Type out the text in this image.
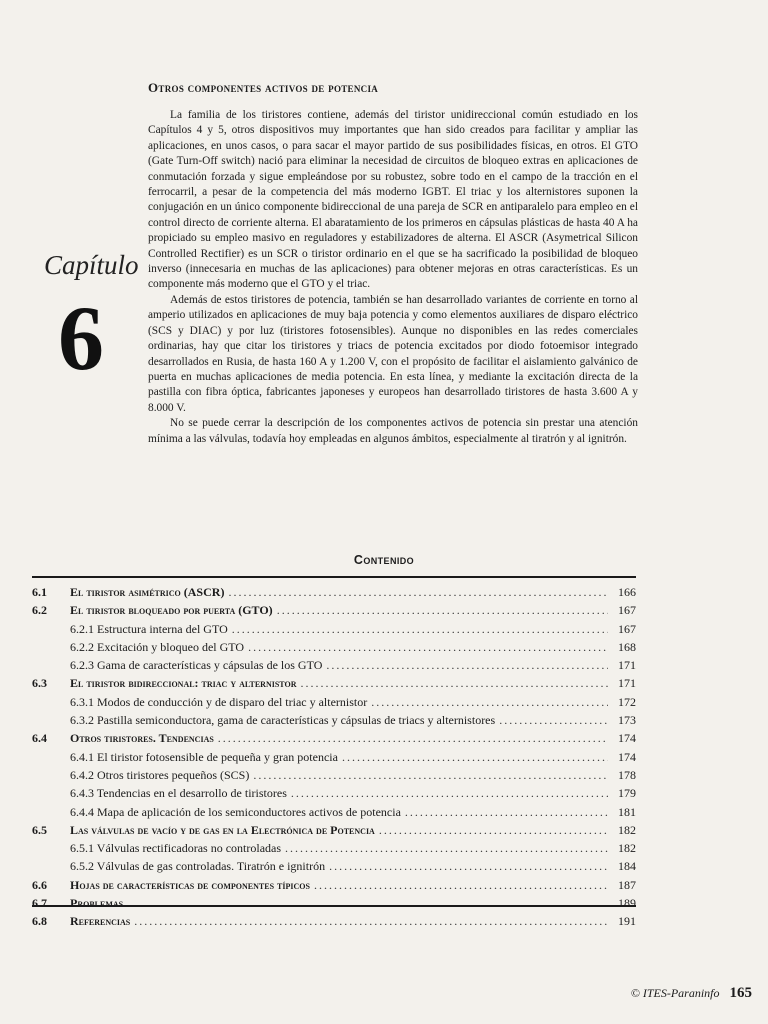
Otros componentes activos de potencia
Capítulo
6

La familia de los tiristores contiene, además del tiristor unidireccional común estudiado en los Capítulos 4 y 5, otros dispositivos muy importantes que han sido creados para facilitar y ampliar las aplicaciones, en unos casos, o para sacar el mayor partido de sus posibilidades físicas, en otros. El GTO (Gate Turn-Off switch) nació para eliminar la necesidad de circuitos de bloqueo extras en aplicaciones de conmutación forzada y sigue empleándose por su robustez, sobre todo en el campo de la tracción en el ferrocarril, a pesar de la competencia del más moderno IGBT. El triac y los alternistores suponen la conjugación en un único componente bidireccional de una pareja de SCR en antiparalelo para empleo en el control directo de corriente alterna. El abaratamiento de los primeros en cápsulas plásticas de hasta 40 A ha propiciado su empleo masivo en reguladores y estabilizadores de alterna. El ASCR (Asymetrical Silicon Controlled Rectifier) es un SCR o tiristor ordinario en el que se ha sacrificado la posibilidad de bloqueo inverso (innecesaria en muchas de las aplicaciones) para obtener mejoras en otras características. Es un componente más moderno que el GTO y el triac.

Además de estos tiristores de potencia, también se han desarrollado variantes de corriente en torno al amperio utilizados en aplicaciones de muy baja potencia y como elementos auxiliares de disparo eléctrico (SCS y DIAC) y por luz (tiristores fotosensibles). Aunque no disponibles en las redes comerciales ordinarias, hay que citar los tiristores y triacs de potencia excitados por diodo fotoemisor integrado desarrollados en Rusia, de hasta 160 A y 1.200 V, con el propósito de facilitar el aislamiento galvánico de puerta en muchas aplicaciones de media potencia. En esta línea, y mediante la excitación directa de la pastilla con fibra óptica, fabricantes japoneses y europeos han desarrollado tiristores de hasta 3.600 A y 8.000 V.

No se puede cerrar la descripción de los componentes activos de potencia sin prestar una atención mínima a las válvulas, todavía hoy empleadas en algunos ámbitos, especialmente al tiratrón y al ignitrón.

Contenido
6.1	El tiristor asimétrico (ASCR) .....	166
6.2	El tiristor bloqueado por puerta (GTO) .....	167
6.2.1 Estructura interna del GTO .....	167
6.2.2 Excitación y bloqueo del GTO .....	168
6.2.3 Gama de características y cápsulas de los GTO .....	171
6.3	El tiristor bidireccional: triac y alternistor .....	171
6.3.1 Modos de conducción y de disparo del triac y alternistor .....	172
6.3.2 Pastilla semiconductora, gama de características y cápsulas de triacs y alternistores .....	173
6.4	Otros tiristores. Tendencias .....	174
6.4.1 El tiristor fotosensible de pequeña y gran potencia .....	174
6.4.2 Otros tiristores pequeños (SCS) .....	178
6.4.3 Tendencias en el desarrollo de tiristores .....	179
6.4.4 Mapa de aplicación de los semiconductores activos de potencia .....	181
6.5	Las válvulas de vacío y de gas en la Electrónica de Potencia .....	182
6.5.1 Válvulas rectificadoras no controladas .....	182
6.5.2 Válvulas de gas controladas. Tiratrón e ignitrón .....	184
6.6	Hojas de características de componentes típicos .....	187
6.7	Problemas .....	189
6.8	Referencias .....	191
© ITES-Paraninfo 165
